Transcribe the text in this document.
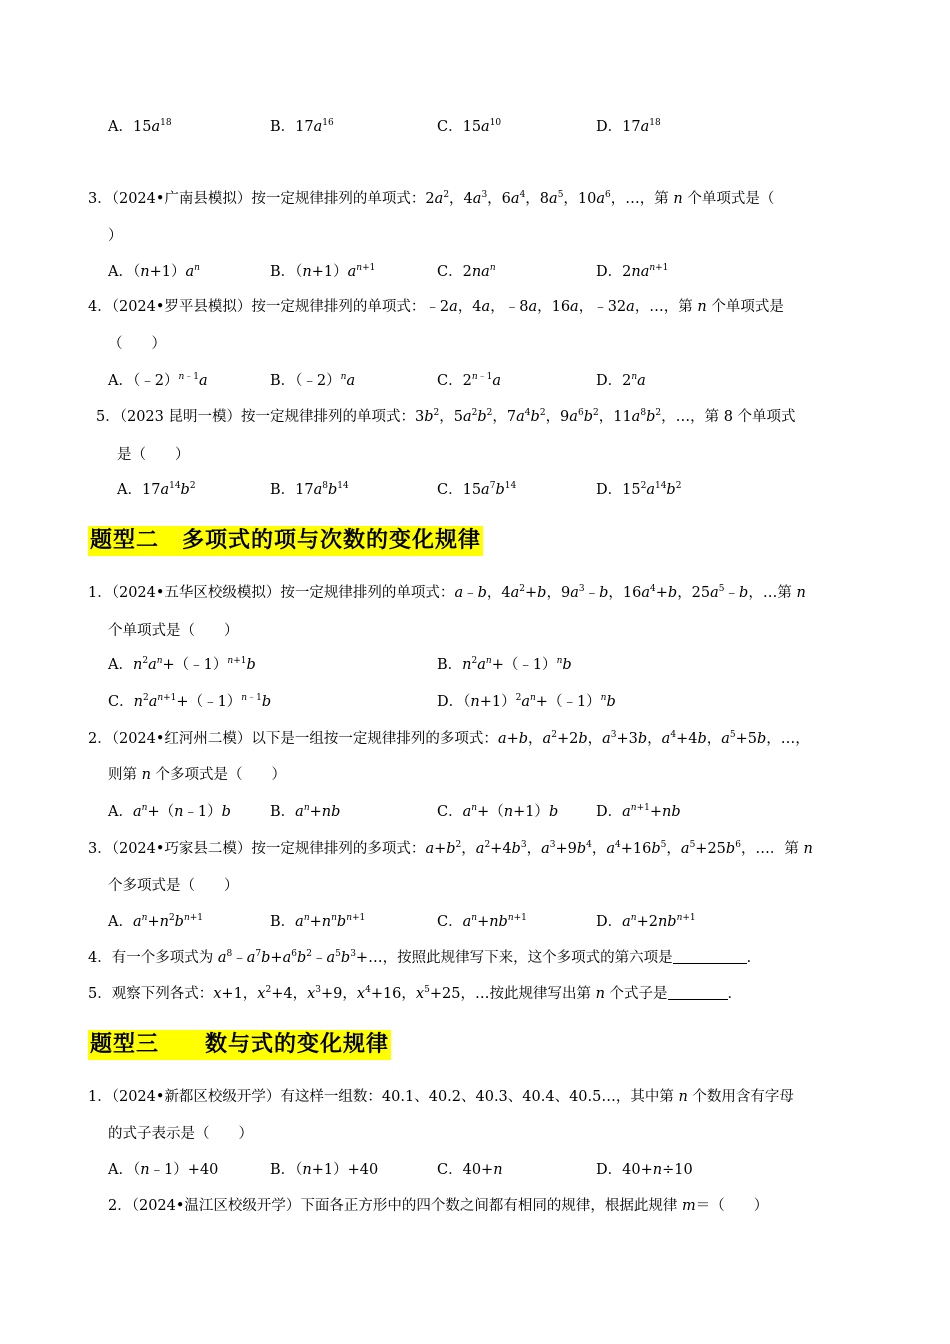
A．$15a^{18}$	B．$17a^{16}$	C．$15a^{10}$	D．$17a^{18}$
3．（2024•广南县模拟）按一定规律排列的单项式：$2a^2$，$4a^3$，$6a^4$，$8a^5$，$10a^6$，…，第 n 个单项式是（
）
A．$(n+1)a^n$	B．$(n+1)a^{n+1}$	C．$2na^n$	D．$2na^{n+1}$
4．（2024•罗平县模拟）按一定规律排列的单项式：﹣2a，4a，﹣8a，16a，﹣32a，…，第 n 个单项式是
（　　）
A．（﹣2）$^{n﹣1}$a	B．（﹣2）$^n$a	C．$2^{n﹣1}a$	D．2$^n$a
5．（2023 昆明一模）按一定规律排列的单项式：$3b^2$，$5a^2b^2$，$7a^4b^2$，$9a^6b^2$，$11a^8b^2$，…，第 8 个单项式
是（　　）
A．$17a^{14}b^2$	B．$17a^8b^{14}$	C．$15a^7b^{14}$	D．$15^2a^{14}b^2$
题型二　多项式的项与次数的变化规律
1．（2024•五华区校级模拟）按一定规律排列的单项式：a﹣b，$4a^2+b$，$9a^3﹣b$，$16a^4+b$，$25a^5﹣b$，…第 n
个单项式是（　　）
A．$n^2a^n+(﹣1)^{n+1}b$	B．$n^2a^n+(﹣1)^nb$
C．$n^2a^{n+1}+(﹣1)^{n﹣1}b$	D．$(n+1)^2a^n+(﹣1)^nb$
2．（2024•红河州二模）以下是一组按一定规律排列的多项式：a+b，$a^2+2b$，$a^3+3b$，$a^4+4b$，$a^5+5b$，…，
则第 n 个多项式是（　　）
A．$a^n+(n﹣1)b$	B．$a^n+nb$	C．$a^n+(n+1)b$	D．$a^{n+1}+nb$
3．（2024•巧家县二模）按一定规律排列的多项式：$a+b^2$，$a^2+4b^3$，$a^3+9b^4$，$a^4+16b^5$，$a^5+25b^6$，…．第 n
个多项式是（　　）
A．$a^n+n^2b^{n+1}$	B．$a^n+n^nb^{n+1}$	C．$a^n+nb^{n+1}$	D．$a^n+2nb^{n+1}$
4．有一个多项式为 $a^8﹣a^7b+a^6b^2﹣a^5b^3+\dots$，按照此规律写下来，这个多项式的第六项是	．
5．观察下列各式：x+1，$x^2+4$，$x^3+9$，$x^4+16$，$x^5+25$，…按此规律写出第 n 个式子是	．
题型三　　数与式的变化规律
1．（2024•新都区校级开学）有这样一组数：40.1、40.2、40.3、40.4、40.5…，其中第 n 个数用含有字母
的式子表示是（　　）
A．（n﹣1）+40	B．（n+1）+40	C．40+n	D．40+n÷10
2．（2024•温江区校级开学）下面各正方形中的四个数之间都有相同的规律，根据此规律 m＝（　　）
